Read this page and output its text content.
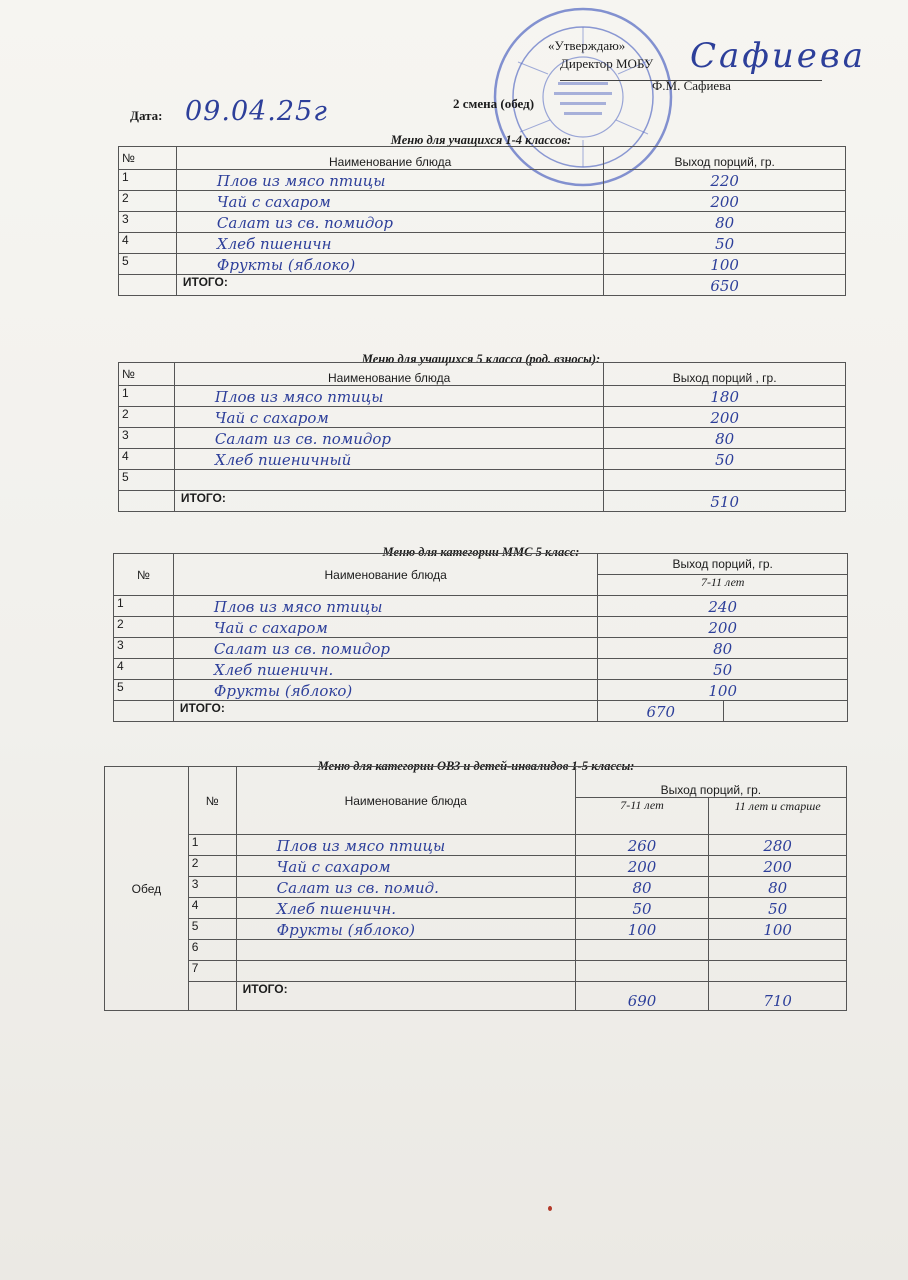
«Утверждаю»
Директор МОБУ Сафиева
Ф.М. Сафиева
Дата: 09.04.25г	2 смена (обед)
Меню для учащихся 1-4 классов:
№	Наименование блюда	Выход порций, гр.
1	Плов из мясо птицы	220
2	Чай с сахаром	200
3	Салат из св. помидор	80
4	Хлеб пшеничн	50
5	Фрукты (яблоко)	100
	ИТОГО:	650
Меню для учащихся 5 класса (род. взносы):
№	Наименование блюда	Выход порций , гр.
1	Плов из мясо птицы	180
2	Чай с сахаром	200
3	Салат из св. помидор	80
4	Хлеб пшеничный	50
5		
	ИТОГО:	510
Меню для категории ММС 5 класс:
№	Наименование блюда	Выход порций, гр.	
		7-11 лет	
1	Плов из мясо птицы	240	
2	Чай с сахаром	200	
3	Салат из св. помидор	80	
4	Хлеб пшеничн.	50	
5	Фрукты (яблоко)	100	
	ИТОГО:	670	
Меню для категории ОВЗ и детей-инвалидов 1-5 классы:
Обед	№	Наименование блюда	Выход порций, гр.		
			7-11 лет	11 лет и старше	

	1	Плов из мясо птицы	260	280	
	2	Чай с сахаром	200	200	
	3	Салат из св. помид.	80	80	
	4	Хлеб пшеничн.	50	50	
	5	Фрукты (яблоко)	100	100	
	6				
	7				
		ИТОГО:	690	710	
